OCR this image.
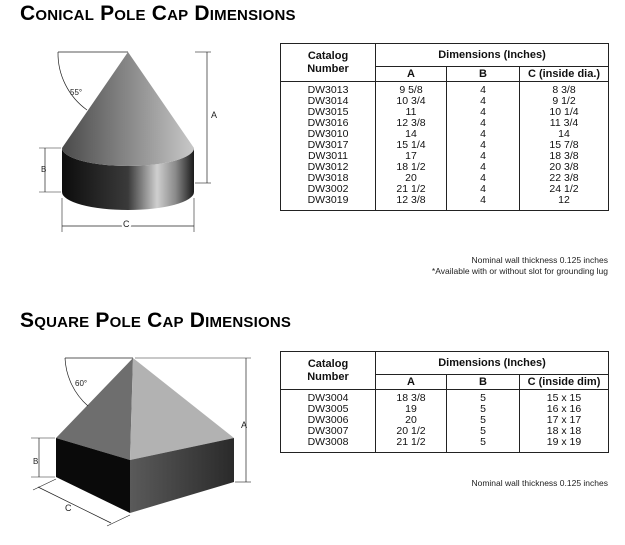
Conical Pole Cap Dimensions
55°
A
B
C
Catalog
Number	Dimensions (Inches)		
	A	B	C (inside dia.)
DW3013	9 5/8	4	8 3/8
DW3014	10 3/4	4	9 1/2
DW3015	11	4	10 1/4
DW3016	12 3/8	4	11 3/4
DW3010	14	4	14
DW3017	15 1/4	4	15 7/8
DW3011	17	4	18 3/8
DW3012	18 1/2	4	20 3/8
DW3018	20	4	22 3/8
DW3002	21 1/2	4	24 1/2
DW3019	12 3/8	4	12
Nominal wall thickness 0.125 inches
*Available with or without slot for grounding lug
Square Pole Cap Dimensions
60°
A
B
C
Catalog
Number	Dimensions (Inches)		
	A	B	C (inside dim)
DW3004	18 3/8	5	15 x 15
DW3005	19	5	16 x 16
DW3006	20	5	17 x 17
DW3007	20 1/2	5	18 x 18
DW3008	21 1/2	5	19 x 19
Nominal wall thickness 0.125 inches
